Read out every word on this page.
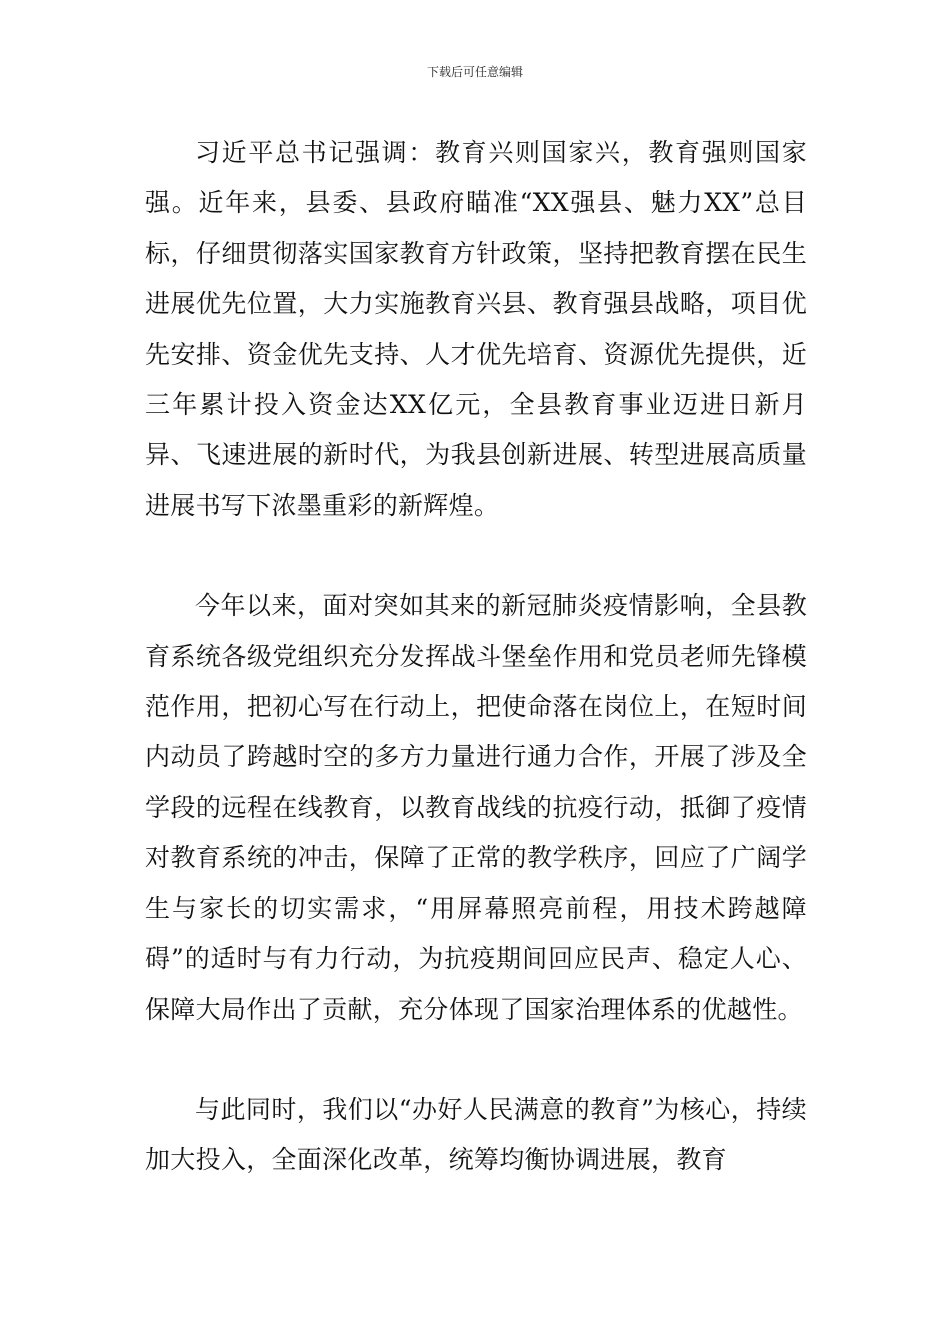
下载后可任意编辑

习近平总书记强调：教育兴则国家兴，教育强则国家强。近年来，县委、县政府瞄准“XX强县、魅力XX”总目标，仔细贯彻落实国家教育方针政策，坚持把教育摆在民生进展优先位置，大力实施教育兴县、教育强县战略，项目优先安排、资金优先支持、人才优先培育、资源优先提供，近三年累计投入资金达XX亿元，全县教育事业迈进日新月异、飞速进展的新时代，为我县创新进展、转型进展高质量进展书写下浓墨重彩的新辉煌。

今年以来，面对突如其来的新冠肺炎疫情影响，全县教育系统各级党组织充分发挥战斗堡垒作用和党员老师先锋模范作用，把初心写在行动上，把使命落在岗位上，在短时间内动员了跨越时空的多方力量进行通力合作，开展了涉及全学段的远程在线教育，以教育战线的抗疫行动，抵御了疫情对教育系统的冲击，保障了正常的教学秩序，回应了广阔学生与家长的切实需求，“用屏幕照亮前程，用技术跨越障碍”的适时与有力行动，为抗疫期间回应民声、稳定人心、保障大局作出了贡献，充分体现了国家治理体系的优越性。

与此同时，我们以“办好人民满意的教育”为核心，持续加大投入，全面深化改革，统筹均衡协调进展，教育
